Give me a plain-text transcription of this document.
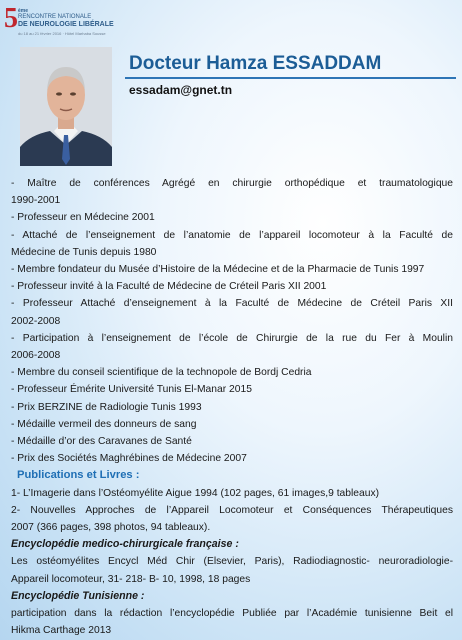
5 ème
RENCONTRE NATIONALE
DE NEUROLOGIE LIBÉRALE
du 18 au 21 février 2016 · Hôtel Marhaba Sousse
Docteur Hamza ESSADDAM
essadam@gnet.tn

- Maître de conférences Agrégé en chirurgie orthopédique et traumatologique

1990-2001

- Professeur en Médecine 2001

- Attaché de l’enseignement de l’anatomie de l’appareil locomoteur à la Faculté de

Médecine de Tunis depuis 1980

- Membre fondateur du Musée d’Histoire de la Médecine et de la Pharmacie de Tunis 1997

- Professeur invité à la Faculté de Médecine de Créteil Paris XII 2001

- Professeur Attaché d’enseignement à la Faculté de Médecine de Créteil Paris XII

2002-2008

- Participation à l’enseignement de l’école de Chirurgie de la rue du Fer à Moulin

2006-2008

- Membre du conseil scientifique de la technopole de Bordj Cedria

- Professeur Émérite Université Tunis El-Manar 2015

- Prix BERZINE de Radiologie Tunis 1993

- Médaille vermeil des donneurs de sang

- Médaille d’or des Caravanes de Santé

- Prix des Sociétés Maghrébines de Médecine 2007

Publications et Livres :

1- L’Imagerie dans l’Ostéomyélite Aigue 1994 (102 pages, 61 images,9 tableaux)

2- Nouvelles Approches de l’Appareil Locomoteur et Conséquences Thérapeutiques

2007 (366 pages, 398 photos, 94 tableaux).

Encyclopédie medico-chirurgicale française :

Les ostéomyélites Encycl Méd Chir (Elsevier, Paris), Radiodiagnostic- neuroradiologie-

Appareil locomoteur, 31- 218- B- 10, 1998, 18 pages

Encyclopédie Tunisienne :

participation dans la rédaction l’encyclopédie Publiée par l’Académie tunisienne Beit el

Hikma Carthage 2013
